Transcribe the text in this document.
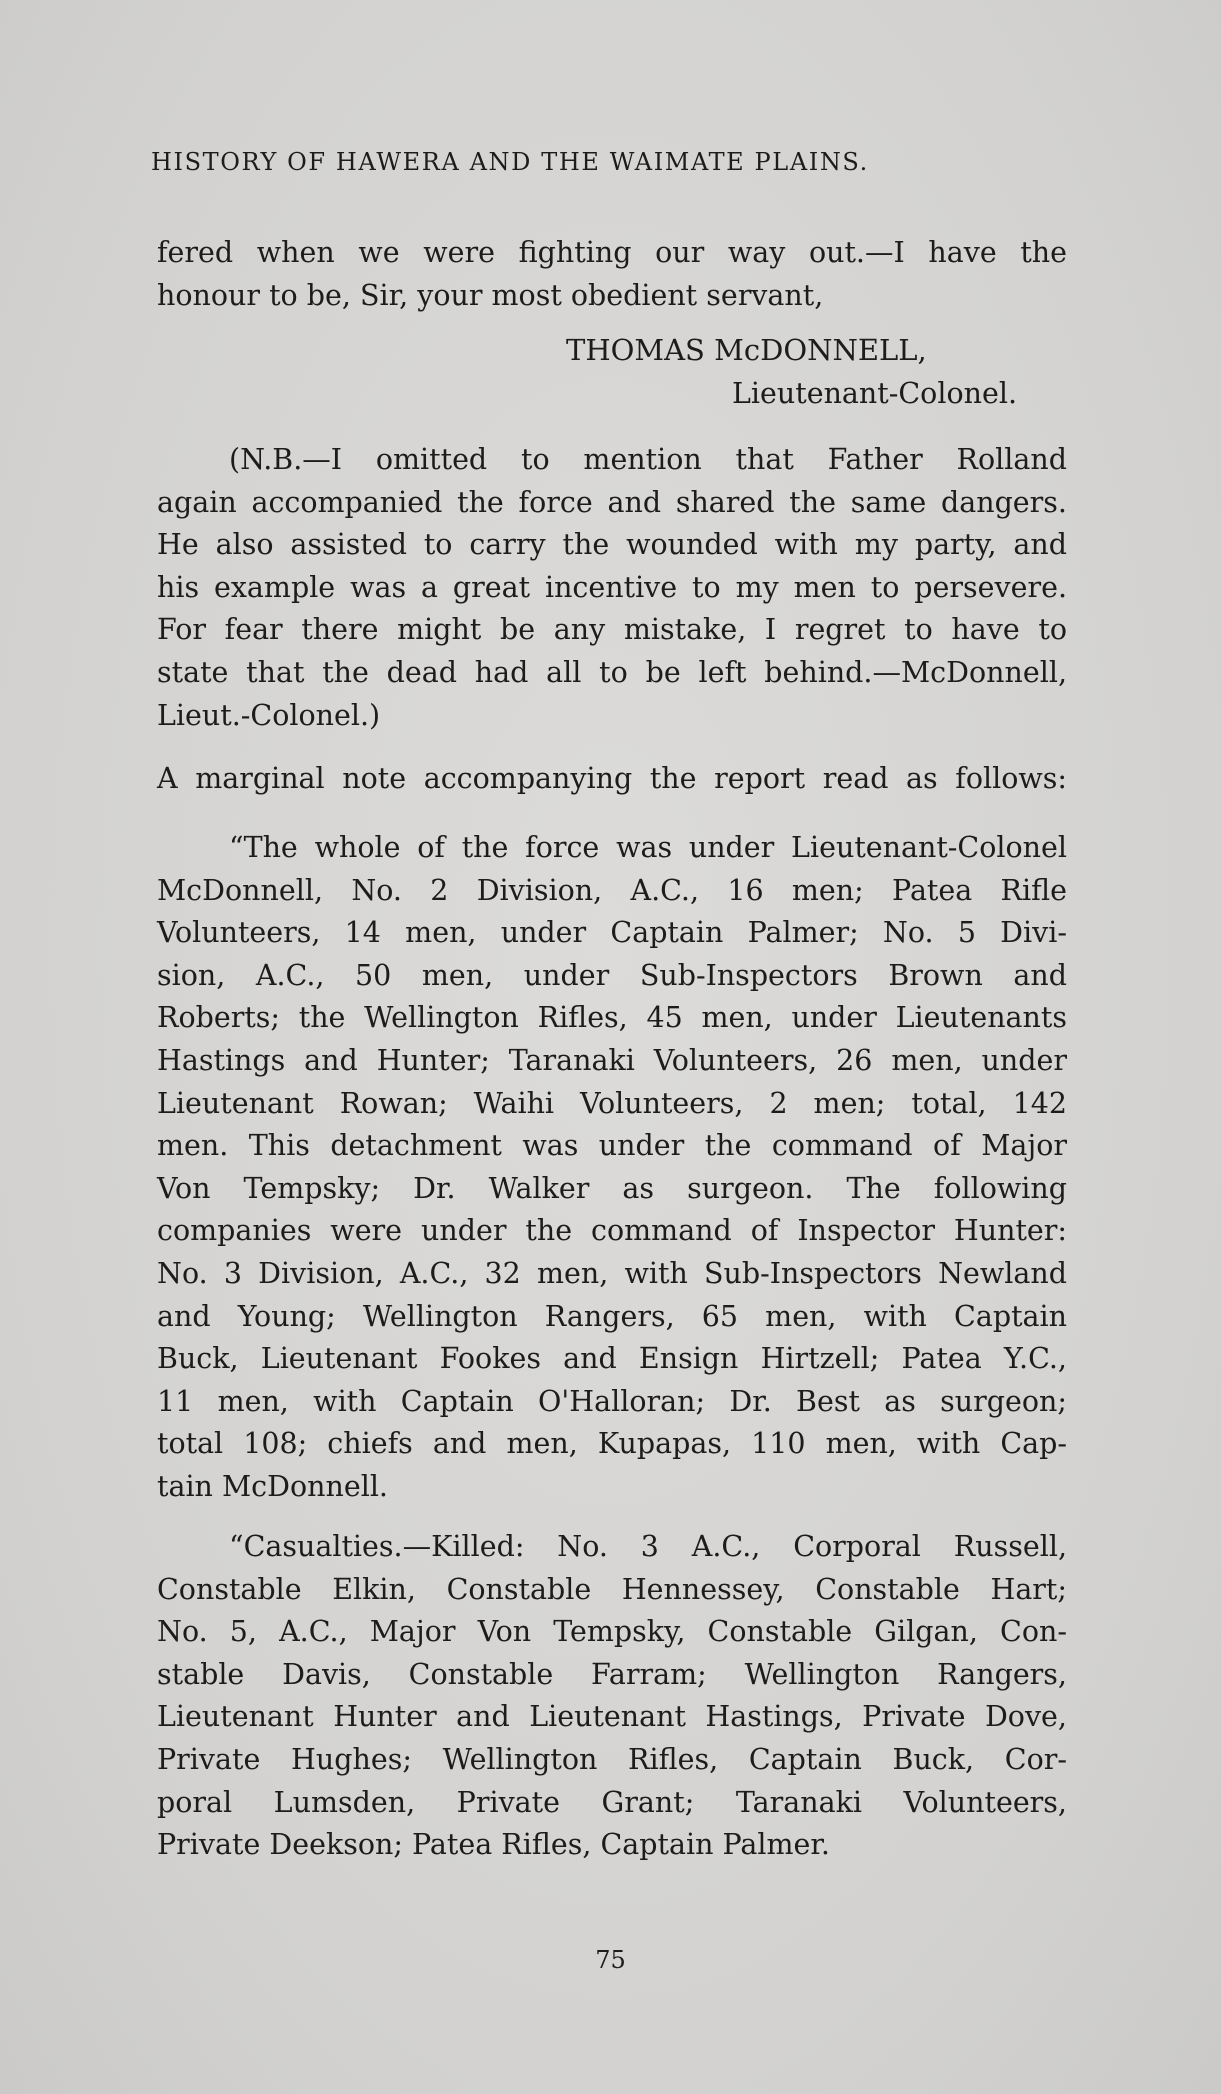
HISTORY OF HAWERA AND THE WAIMATE PLAINS.
fered when we were fighting our way out.—I have the
honour to be, Sir, your most obedient servant,
THOMAS McDONNELL,
Lieutenant-Colonel.
(N.B.—I omitted to mention that Father Rolland
again accompanied the force and shared the same dangers.
He also assisted to carry the wounded with my party, and
his example was a great incentive to my men to persevere.
For fear there might be any mistake, I regret to have to
state that the dead had all to be left behind.—McDonnell,
Lieut.-Colonel.)
A marginal note accompanying the report read as follows:
“The whole of the force was under Lieutenant-Colonel
McDonnell, No. 2 Division, A.C., 16 men; Patea Rifle
Volunteers, 14 men, under Captain Palmer; No. 5 Divi-
sion, A.C., 50 men, under Sub-Inspectors Brown and
Roberts; the Wellington Rifles, 45 men, under Lieutenants
Hastings and Hunter; Taranaki Volunteers, 26 men, under
Lieutenant Rowan; Waihi Volunteers, 2 men; total, 142
men. This detachment was under the command of Major
Von Tempsky; Dr. Walker as surgeon. The following
companies were under the command of Inspector Hunter:
No. 3 Division, A.C., 32 men, with Sub-Inspectors Newland
and Young; Wellington Rangers, 65 men, with Captain
Buck, Lieutenant Fookes and Ensign Hirtzell; Patea Y.C.,
11 men, with Captain O'Halloran; Dr. Best as surgeon;
total 108; chiefs and men, Kupapas, 110 men, with Cap-
tain McDonnell.
“Casualties.—Killed: No. 3 A.C., Corporal Russell,
Constable Elkin, Constable Hennessey, Constable Hart;
No. 5, A.C., Major Von Tempsky, Constable Gilgan, Con-
stable Davis, Constable Farram; Wellington Rangers,
Lieutenant Hunter and Lieutenant Hastings, Private Dove,
Private Hughes; Wellington Rifles, Captain Buck, Cor-
poral Lumsden, Private Grant; Taranaki Volunteers,
Private Deekson; Patea Rifles, Captain Palmer.
75
